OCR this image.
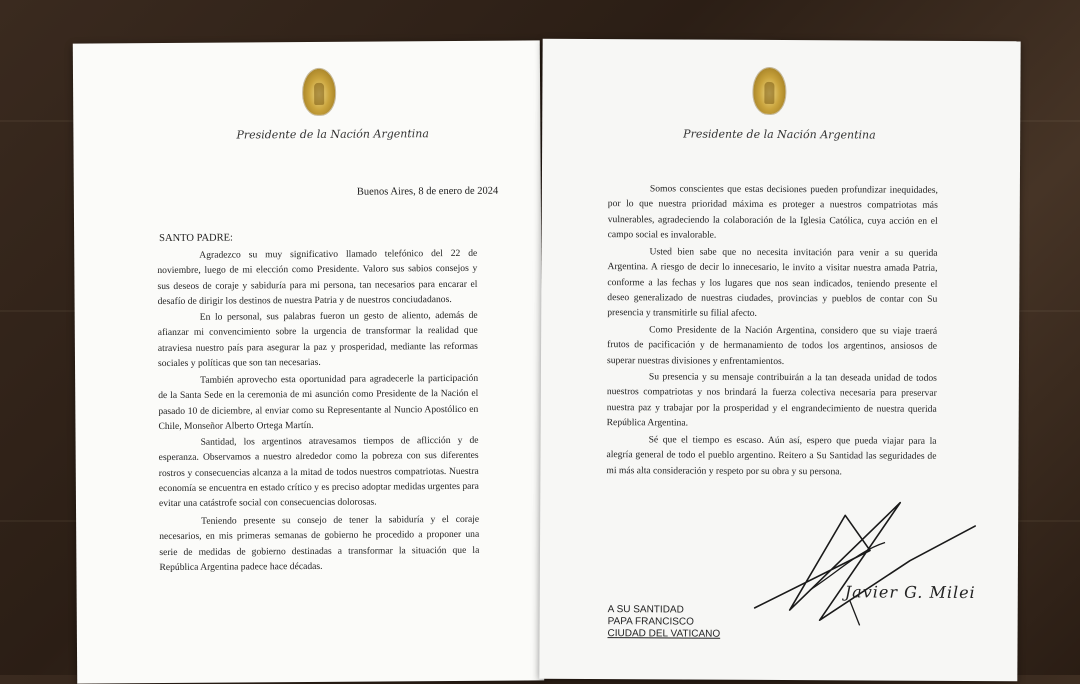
Presidente de la Nación Argentina
Buenos Aires, 8 de enero de 2024
SANTO PADRE:

Agradezco su muy significativo llamado telefónico del 22 de noviembre, luego de mi elección como Presidente. Valoro sus sabios consejos y sus deseos de coraje y sabiduría para mi persona, tan necesarios para encarar el desafío de dirigir los destinos de nuestra Patria y de nuestros conciudadanos.

En lo personal, sus palabras fueron un gesto de aliento, además de afianzar mi convencimiento sobre la urgencia de transformar la realidad que atraviesa nuestro país para asegurar la paz y prosperidad, mediante las reformas sociales y políticas que son tan necesarias.

También aprovecho esta oportunidad para agradecerle la participación de la Santa Sede en la ceremonia de mi asunción como Presidente de la Nación el pasado 10 de diciembre, al enviar como su Representante al Nuncio Apostólico en Chile, Monseñor Alberto Ortega Martín.

Santidad, los argentinos atravesamos tiempos de aflicción y de esperanza. Observamos a nuestro alrededor como la pobreza con sus diferentes rostros y consecuencias alcanza a la mitad de todos nuestros compatriotas. Nuestra economía se encuentra en estado crítico y es preciso adoptar medidas urgentes para evitar una catástrofe social con consecuencias dolorosas.

Teniendo presente su consejo de tener la sabiduría y el coraje necesarios, en mis primeras semanas de gobierno he procedido a proponer una serie de medidas de gobierno destinadas a transformar la situación que la República Argentina padece hace décadas.

Presidente de la Nación Argentina

Somos conscientes que estas decisiones pueden profundizar inequidades, por lo que nuestra prioridad máxima es proteger a nuestros compatriotas más vulnerables, agradeciendo la colaboración de la Iglesia Católica, cuya acción en el campo social es invalorable.

Usted bien sabe que no necesita invitación para venir a su querida Argentina. A riesgo de decir lo innecesario, le invito a visitar nuestra amada Patria, conforme a las fechas y los lugares que nos sean indicados, teniendo presente el deseo generalizado de nuestras ciudades, provincias y pueblos de contar con Su presencia y transmitirle su filial afecto.

Como Presidente de la Nación Argentina, considero que su viaje traerá frutos de pacificación y de hermanamiento de todos los argentinos, ansiosos de superar nuestras divisiones y enfrentamientos.

Su presencia y su mensaje contribuirán a la tan deseada unidad de todos nuestros compatriotas y nos brindará la fuerza colectiva necesaria para preservar nuestra paz y trabajar por la prosperidad y el engrandecimiento de nuestra querida República Argentina.

Sé que el tiempo es escaso. Aún así, espero que pueda viajar para la alegría general de todo el pueblo argentino. Reitero a Su Santidad las seguridades de mi más alta consideración y respeto por su obra y su persona.

Javier G. Milei
A SU SANTIDAD
PAPA FRANCISCO
CIUDAD DEL VATICANO
